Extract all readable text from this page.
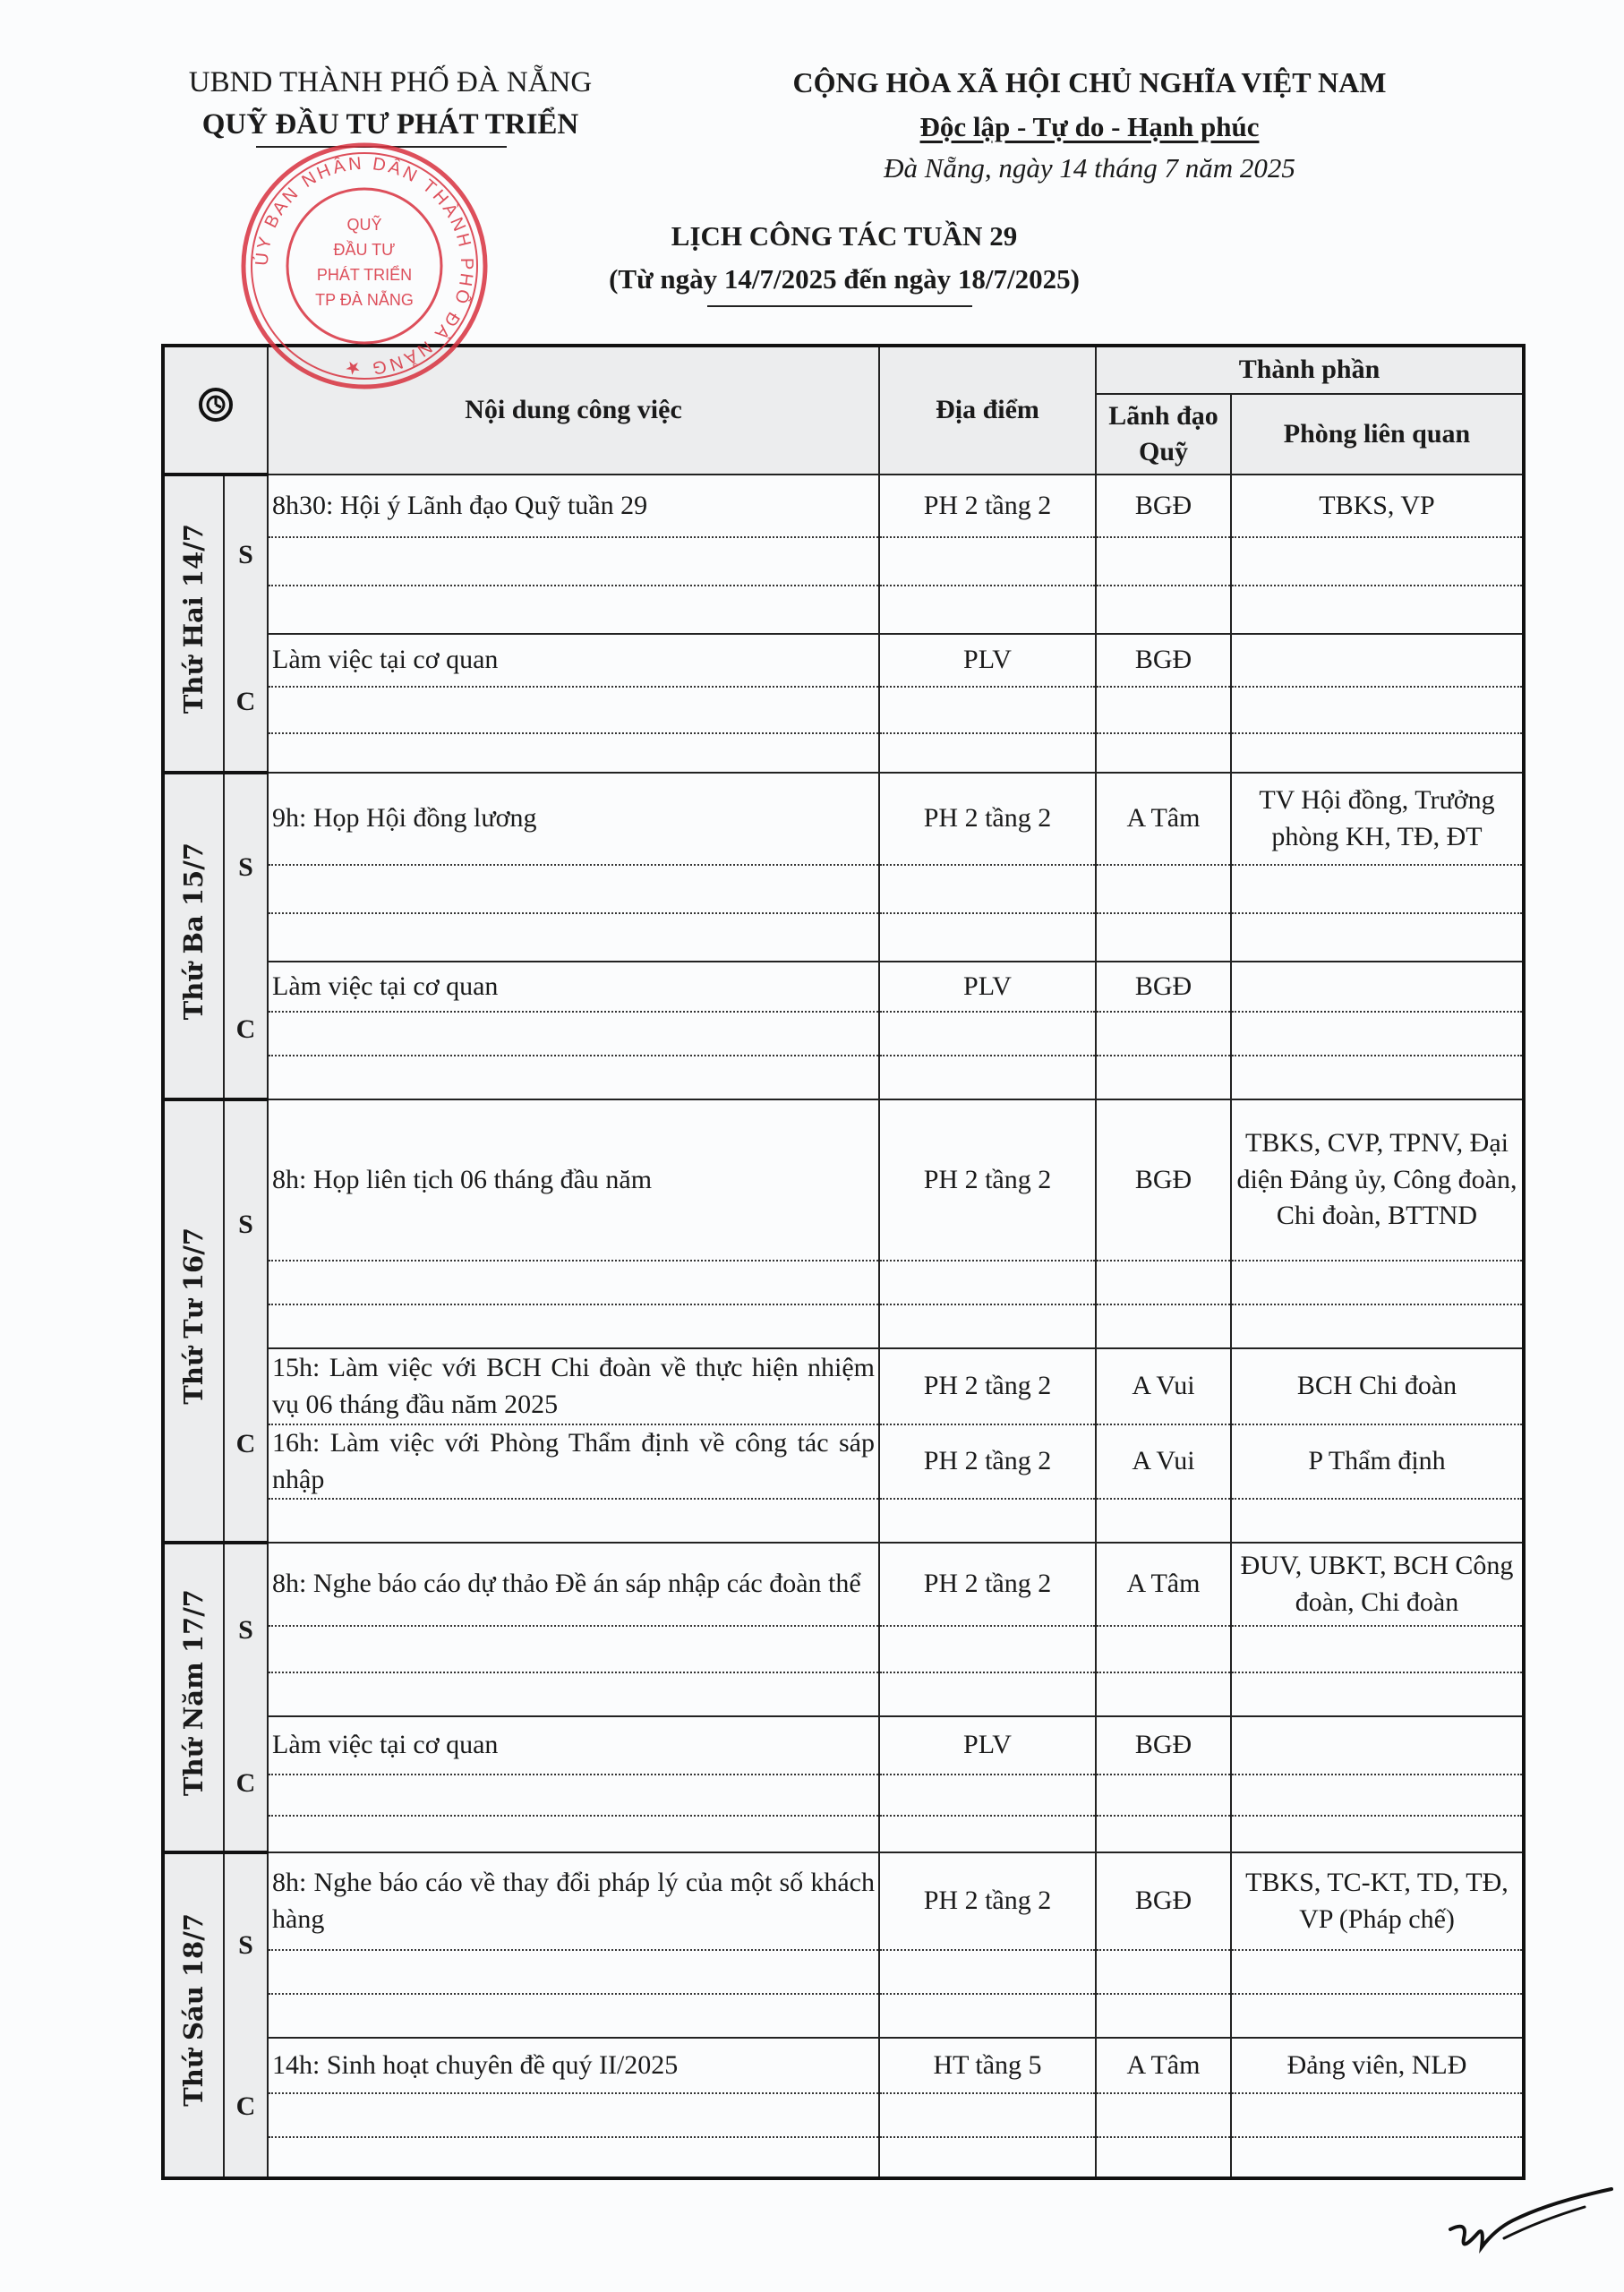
UBND THÀNH PHỐ ĐÀ NẴNG
QUỸ ĐẦU TƯ PHÁT TRIỂN
CỘNG HÒA XÃ HỘI CHỦ NGHĨA VIỆT NAM
Độc lập - Tự do - Hạnh phúc
Đà Nẵng, ngày 14 tháng 7 năm 2025
LỊCH CÔNG TÁC TUẦN 29
(Từ ngày 14/7/2025 đến ngày 18/7/2025)
	Nội dung công việc	Địa điểm	Thành phần	
				Lãnh đạo Quỹ	Phòng liên quan
Thứ Hai 14/7	S	8h30: Hội ý Lãnh đạo Quỹ tuần 29	PH 2 tầng 2	BGĐ	TBKS, VP

	C	Làm việc tại cơ quan	PLV	BGĐ	

Thứ Ba 15/7	S	9h: Họp Hội đồng lương	PH 2 tầng 2	A Tâm	TV Hội đồng, Trưởng phòng KH, TĐ, ĐT

	C	Làm việc tại cơ quan	PLV	BGĐ	

Thứ Tư 16/7	S	8h: Họp liên tịch 06 tháng đầu năm	PH 2 tầng 2	BGĐ	TBKS, CVP, TPNV, Đại diện Đảng ủy, Công đoàn, Chi đoàn, BTTND

	C	15h: Làm việc với BCH Chi đoàn về thực hiện nhiệm vụ 06 tháng đầu năm 2025	PH 2 tầng 2	A Vui	BCH Chi đoàn
		16h: Làm việc với Phòng Thẩm định về công tác sáp nhập	PH 2 tầng 2	A Vui	P Thẩm định

Thứ Năm 17/7	S	8h: Nghe báo cáo dự thảo Đề án sáp nhập các đoàn thể	PH 2 tầng 2	A Tâm	ĐUV, UBKT, BCH Công đoàn, Chi đoàn

	C	Làm việc tại cơ quan	PLV	BGĐ	

Thứ Sáu 18/7	S	8h: Nghe báo cáo về thay đổi pháp lý của một số khách hàng	PH 2 tầng 2	BGĐ	TBKS, TC-KT, TD, TĐ, VP (Pháp chế)

	C	14h: Sinh hoạt chuyên đề quý II/2025	HT tầng 5	A Tâm	Đảng viên, NLĐ

ỦY BAN NHÂN DÂN THÀNH PHỐ ĐÀ NẴNG ★
QUỸ
ĐẦU TƯ
PHÁT TRIỂN
TP ĐÀ NẴNG
